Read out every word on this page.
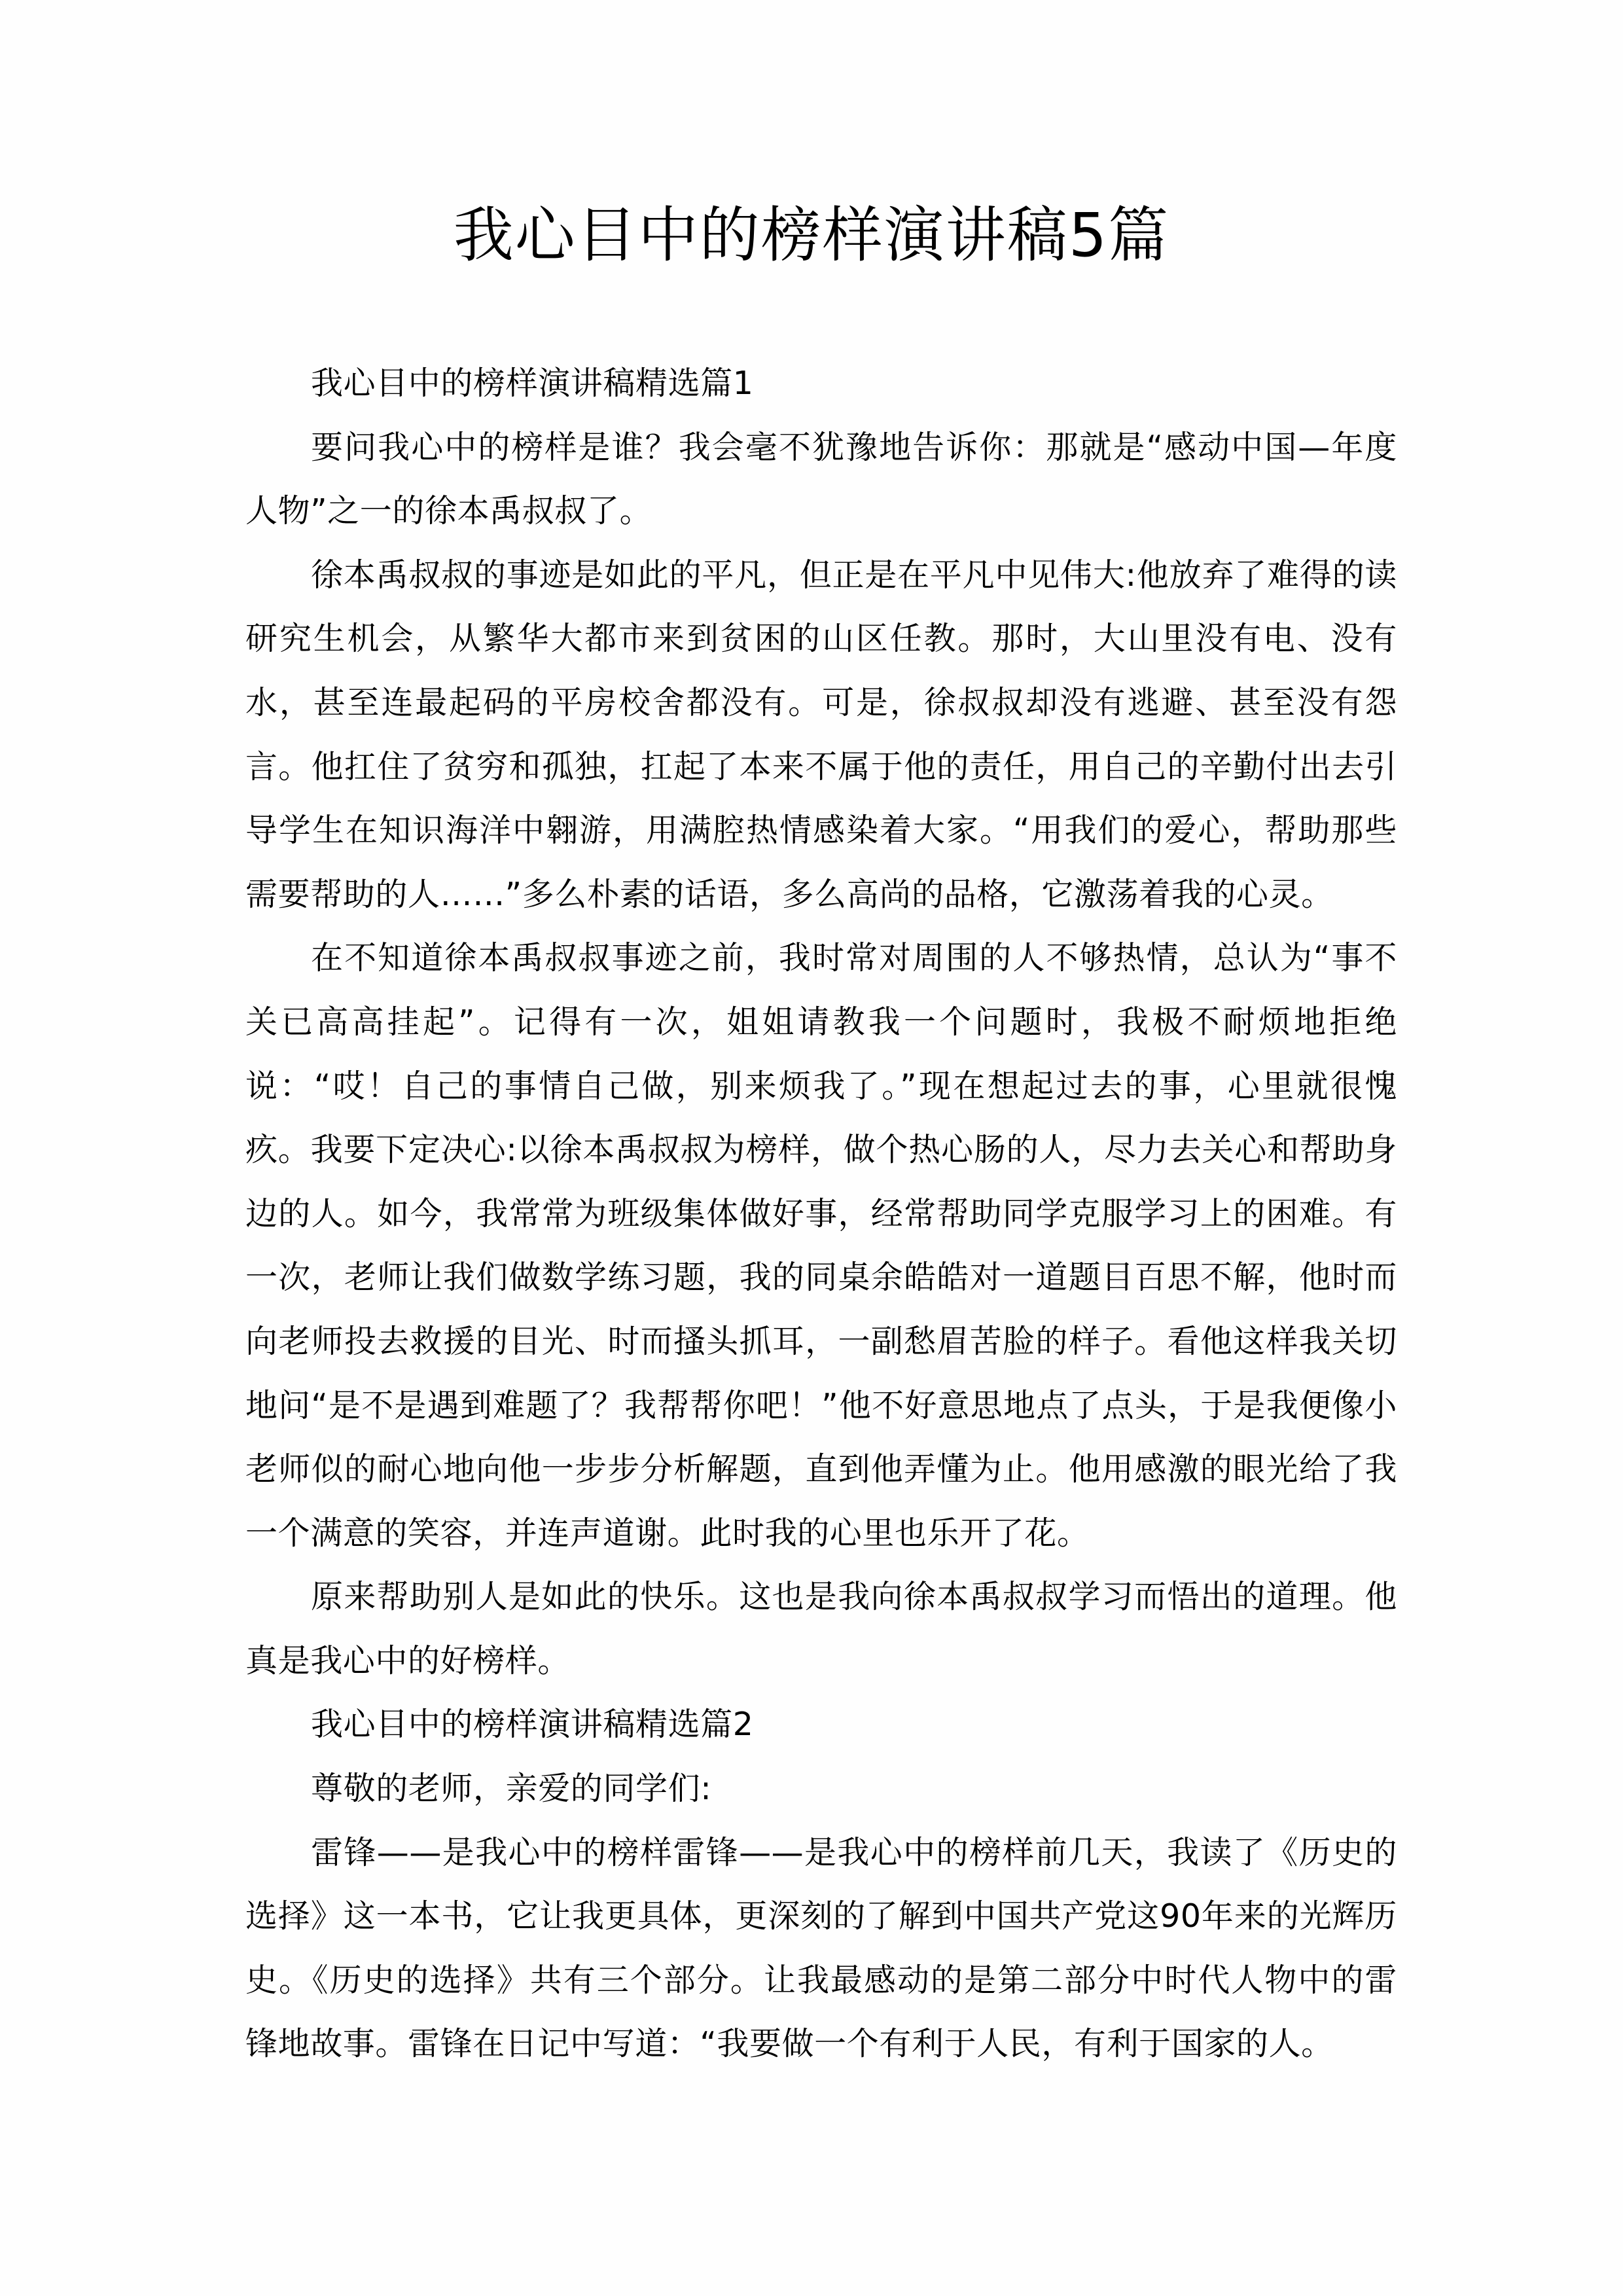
我心目中的榜样演讲稿5篇

我心目中的榜样演讲稿精选篇1

要问我心中的榜样是谁？我会毫不犹豫地告诉你：那就是“感动中国—年度人物”之一的徐本禹叔叔了。

徐本禹叔叔的事迹是如此的平凡，但正是在平凡中见伟大:他放弃了难得的读研究生机会，从繁华大都市来到贫困的山区任教。那时，大山里没有电、没有水，甚至连最起码的平房校舍都没有。可是，徐叔叔却没有逃避、甚至没有怨言。他扛住了贫穷和孤独，扛起了本来不属于他的责任，用自己的辛勤付出去引导学生在知识海洋中翱游，用满腔热情感染着大家。“用我们的爱心，帮助那些需要帮助的人……”多么朴素的话语，多么高尚的品格，它激荡着我的心灵。

在不知道徐本禹叔叔事迹之前，我时常对周围的人不够热情，总认为“事不关已高高挂起”。记得有一次，姐姐请教我一个问题时，我极不耐烦地拒绝说：“哎！自己的事情自己做，别来烦我了。”现在想起过去的事，心里就很愧疚。我要下定决心:以徐本禹叔叔为榜样，做个热心肠的人，尽力去关心和帮助身边的人。如今，我常常为班级集体做好事，经常帮助同学克服学习上的困难。有一次，老师让我们做数学练习题，我的同桌余皓皓对一道题目百思不解，他时而向老师投去救援的目光、时而搔头抓耳，一副愁眉苦脸的样子。看他这样我关切地问“是不是遇到难题了？我帮帮你吧！”他不好意思地点了点头，于是我便像小老师似的耐心地向他一步步分析解题，直到他弄懂为止。他用感激的眼光给了我一个满意的笑容，并连声道谢。此时我的心里也乐开了花。

原来帮助别人是如此的快乐。这也是我向徐本禹叔叔学习而悟出的道理。他真是我心中的好榜样。

我心目中的榜样演讲稿精选篇2

尊敬的老师，亲爱的同学们:

雷锋——是我心中的榜样雷锋——是我心中的榜样前几天，我读了《历史的选择》这一本书，它让我更具体，更深刻的了解到中国共产党这90年来的光辉历史。《历史的选择》共有三个部分。让我最感动的是第二部分中时代人物中的雷锋地故事。雷锋在日记中写道：“我要做一个有利于人民，有利于国家的人。
